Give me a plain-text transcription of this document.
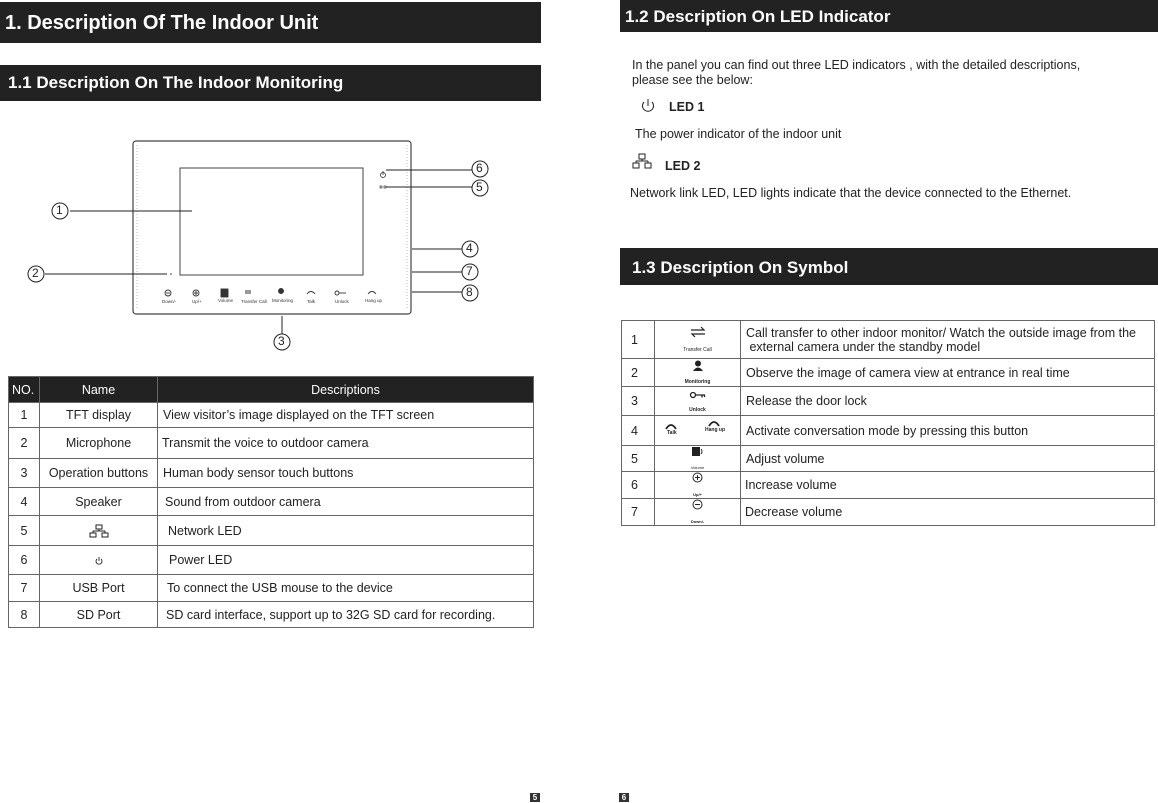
1. Description Of The Indoor Unit
1.1 Description On The Indoor Monitoring
1
2
3
4
5
6
7
8
Down/-	Up/+	Volume Transfer Call Monitoring	Talk	Unlock	Hang up
NO.	Name	Descriptions
1	TFT display	View visitor’s image displayed on the TFT screen
2	Microphone	Transmit the voice to outdoor camera
3	Operation buttons	Human body sensor touch buttons
4	Speaker	Sound from outdoor camera
5		Network LED
6		Power LED
7	USB Port	To connect the USB mouse to the device
8	SD Port	SD card interface, support up to 32G SD card for recording.
5
1.2 Description On LED Indicator
In the panel you can find out three LED indicators , with the detailed descriptions,
please see the below:
LED 1
The power indicator of the indoor unit
LED 2
Network link LED, LED lights indicate that the device connected to the Ethernet.
1.3 Description On Symbol
1	Transfer Call	Call transfer to other indoor monitor/ Watch the outside image from the
external camera under the standby model
2	Monitoring	Observe the image of camera view at entrance in real time
3	Unlock	Release the door lock
4	Talk Hang up	Activate conversation mode by pressing this button
5	Volume	Adjust volume
6	Up/+	Increase volume
7	Down/-	Decrease volume
6
